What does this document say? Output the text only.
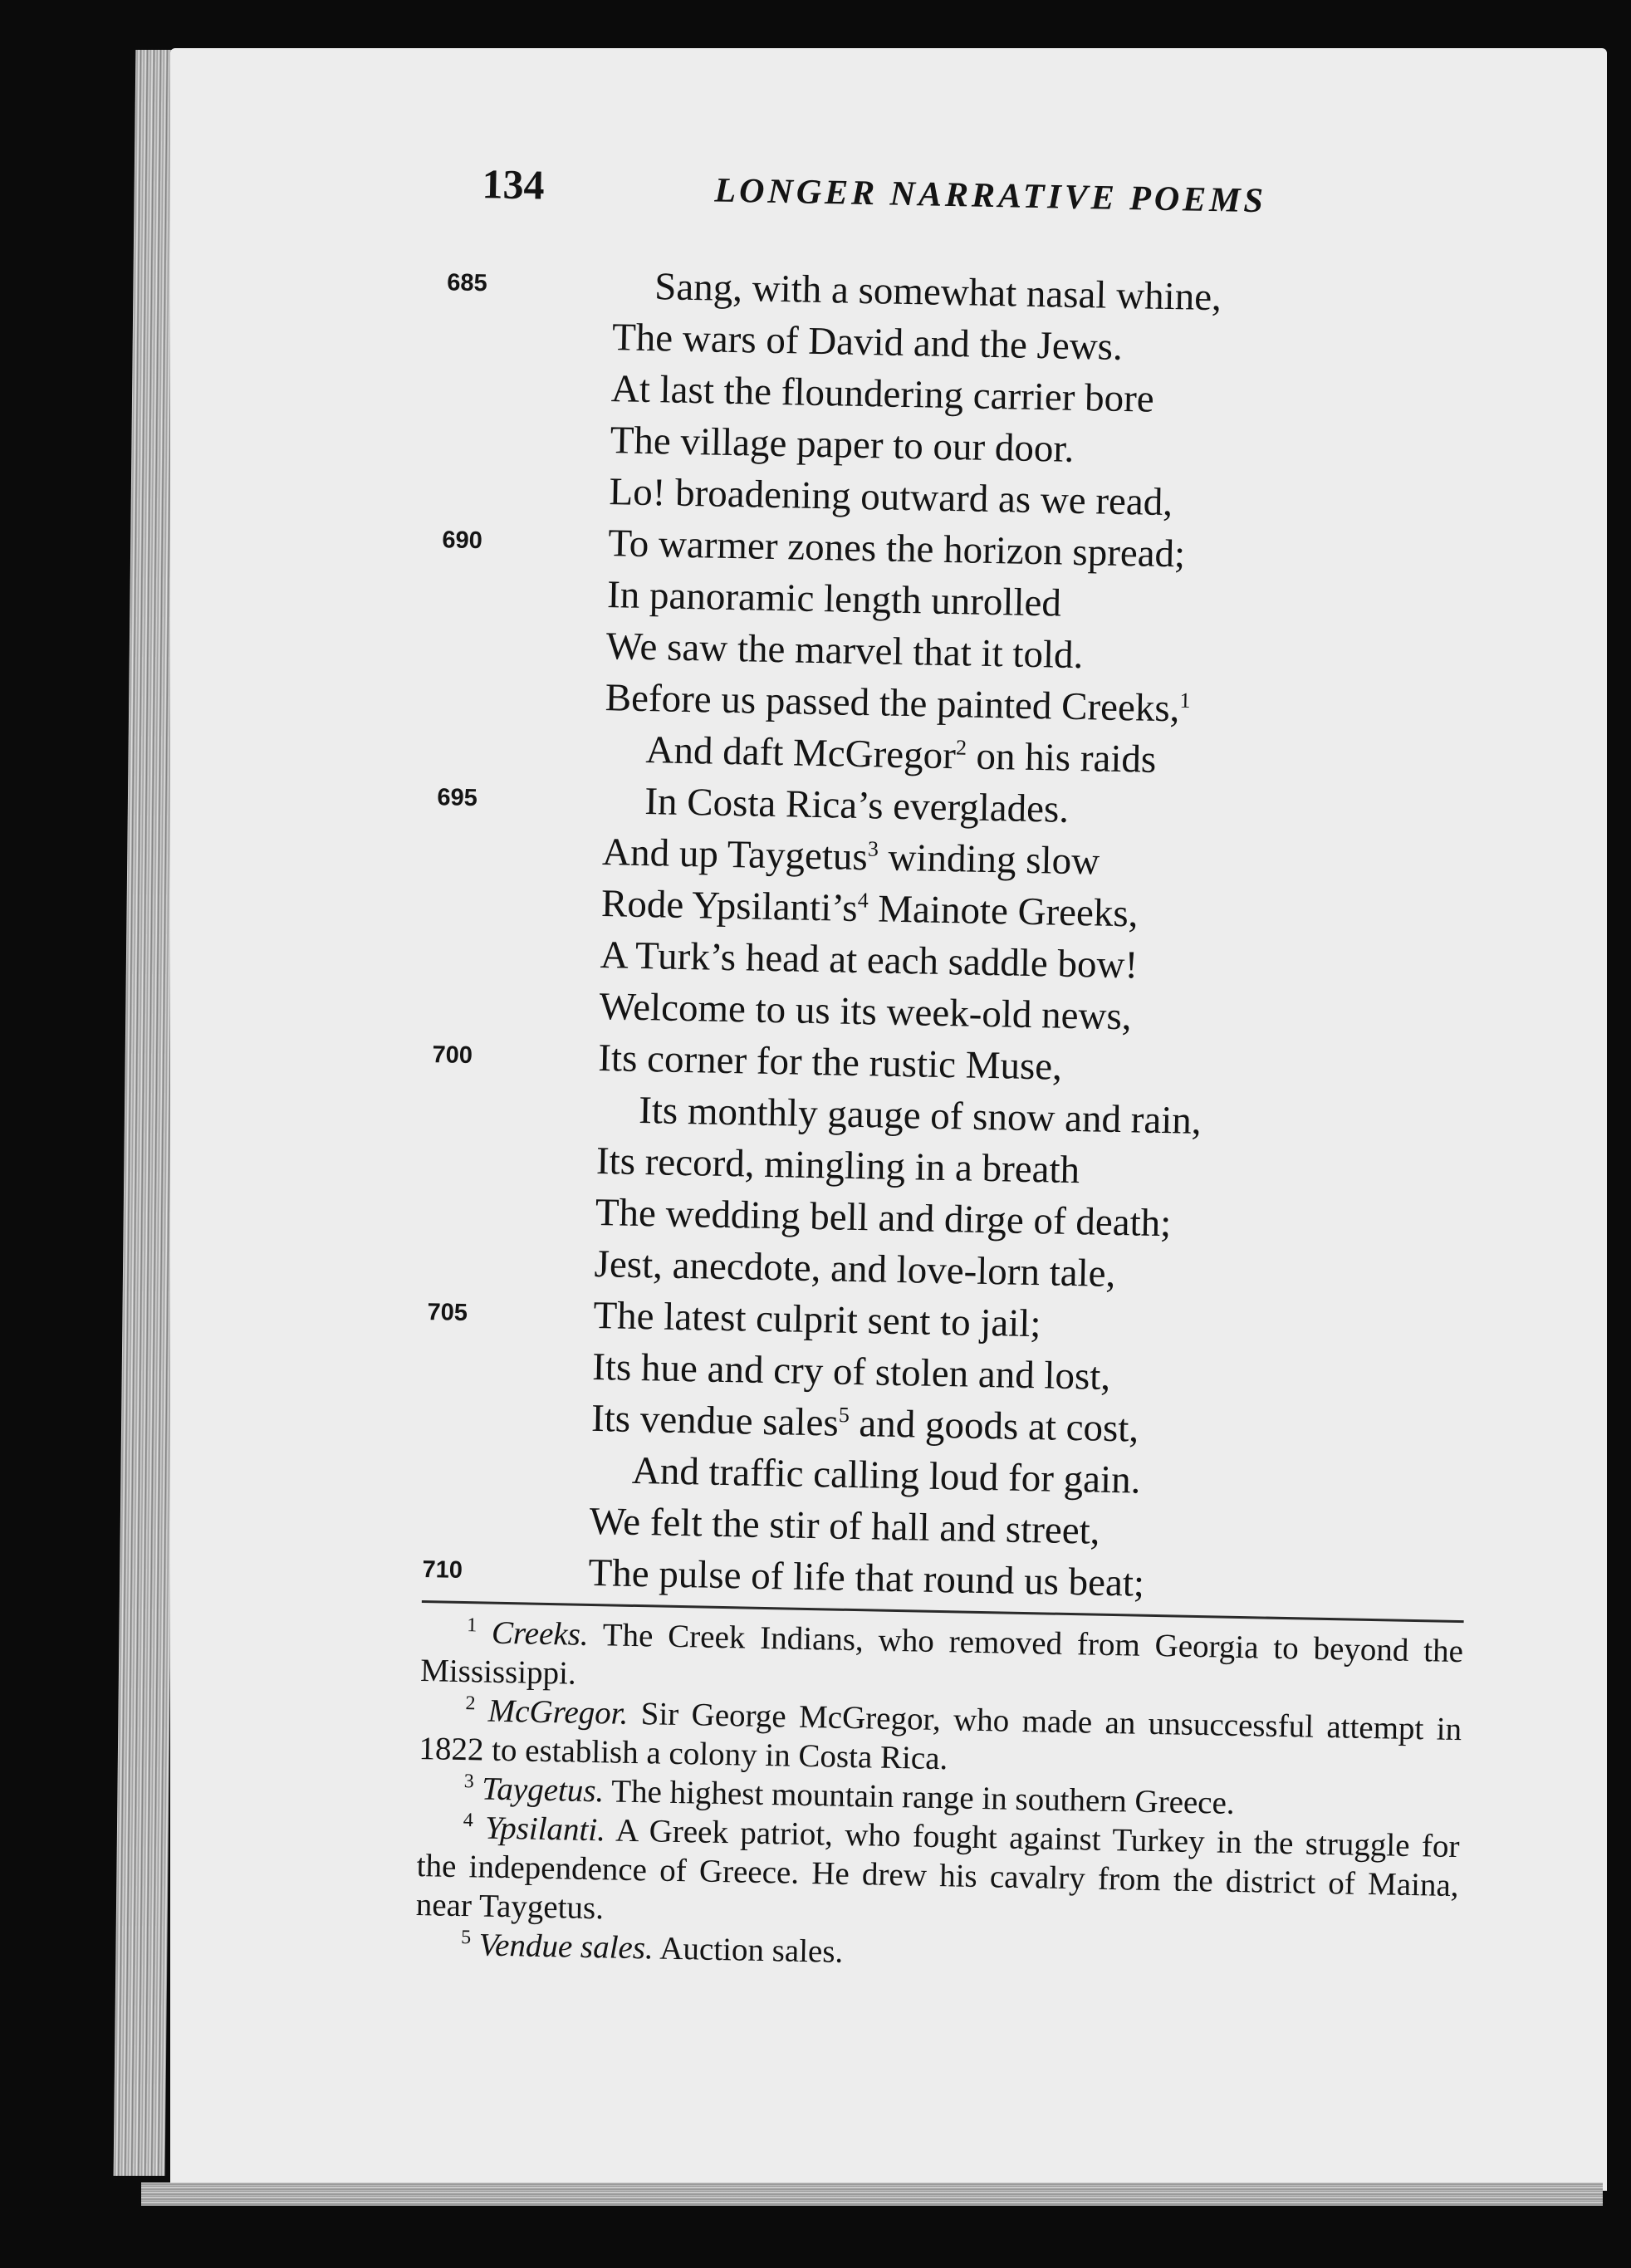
134	LONGER NARRATIVE POEMS
685	Sang, with a somewhat nasal whine,
The wars of David and the Jews.
At last the floundering carrier bore
The village paper to our door.
Lo! broadening outward as we read,
690	To warmer zones the horizon spread;
In panoramic length unrolled
We saw the marvel that it told.
Before us passed the painted Creeks,$^1$
And daft McGregor$^2$ on his raids
695	In Costa Rica’s everglades.
And up Taygetus$^3$ winding slow
Rode Ypsilanti’s$^4$ Mainote Greeks,
A Turk’s head at each saddle bow!
Welcome to us its week-old news,
700	Its corner for the rustic Muse,
Its monthly gauge of snow and rain,
Its record, mingling in a breath
The wedding bell and dirge of death;
Jest, anecdote, and love-lorn tale,
705	The latest culprit sent to jail;
Its hue and cry of stolen and lost,
Its vendue sales$^5$ and goods at cost,
And traffic calling loud for gain.
We felt the stir of hall and street,
710	The pulse of life that round us beat;

$^1$ Creeks. The Creek Indians, who removed from Georgia to beyond the Mississippi.

$^2$ McGregor. Sir George McGregor, who made an unsuccessful attempt in 1822 to establish a colony in Costa Rica.

$^3$ Taygetus. The highest mountain range in southern Greece.

$^4$ Ypsilanti. A Greek patriot, who fought against Turkey in the struggle for the independence of Greece. He drew his cavalry from the district of Maina, near Taygetus.

$^5$ Vendue sales. Auction sales.
